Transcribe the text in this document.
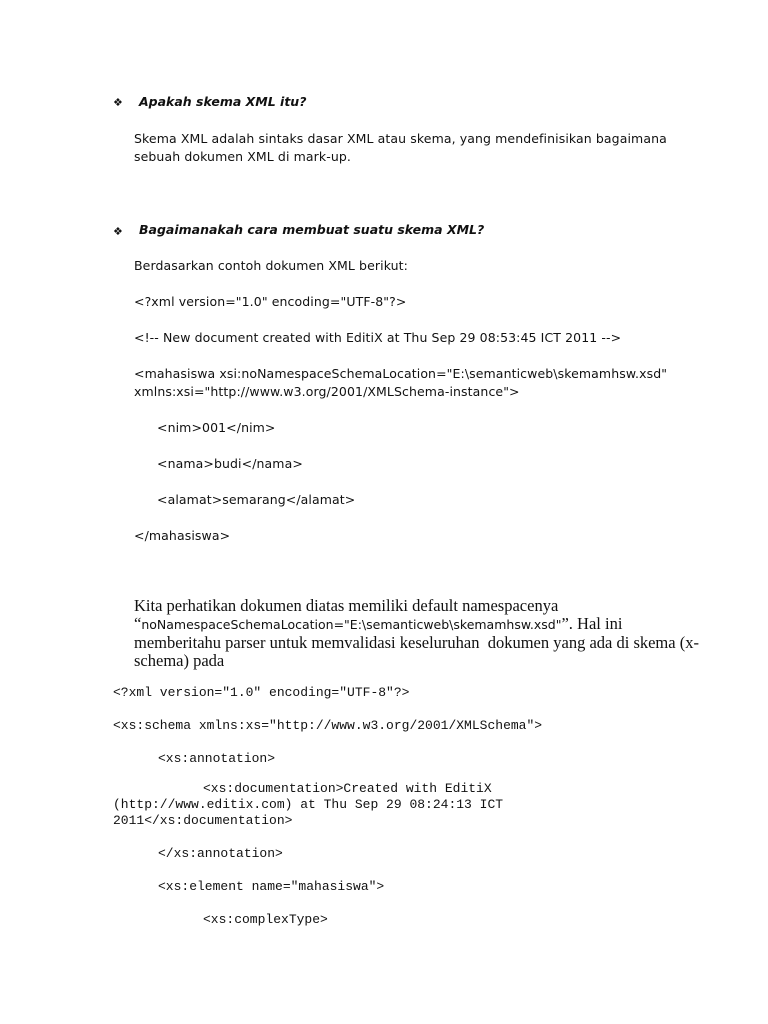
❖ Apakah skema XML itu?
Skema XML adalah sintaks dasar XML atau skema, yang mendefinisikan bagaimana
sebuah dokumen XML di mark-up.
❖ Bagaimanakah cara membuat suatu skema XML?
Berdasarkan contoh dokumen XML berikut:
<?xml version="1.0" encoding="UTF-8"?>
<!-- New document created with EditiX at Thu Sep 29 08:53:45 ICT 2011 -->
<mahasiswa xsi:noNamespaceSchemaLocation="E:\semanticweb\skemamhsw.xsd"
xmlns:xsi="http://www.w3.org/2001/XMLSchema-instance">
<nim>001</nim>
<nama>budi</nama>
<alamat>semarang</alamat>
</mahasiswa>
Kita perhatikan dokumen diatas memiliki default namespacenya
“noNamespaceSchemaLocation="E:\semanticweb\skemamhsw.xsd"”. Hal ini
memberitahu parser untuk memvalidasi keseluruhan  dokumen yang ada di skema (x-
schema) pada
<?xml version="1.0" encoding="UTF-8"?>
<xs:schema xmlns:xs="http://www.w3.org/2001/XMLSchema">
<xs:annotation>
<xs:documentation>Created with EditiX
(http://www.editix.com) at Thu Sep 29 08:24:13 ICT
2011</xs:documentation>
</xs:annotation>
<xs:element name="mahasiswa">
<xs:complexType>
